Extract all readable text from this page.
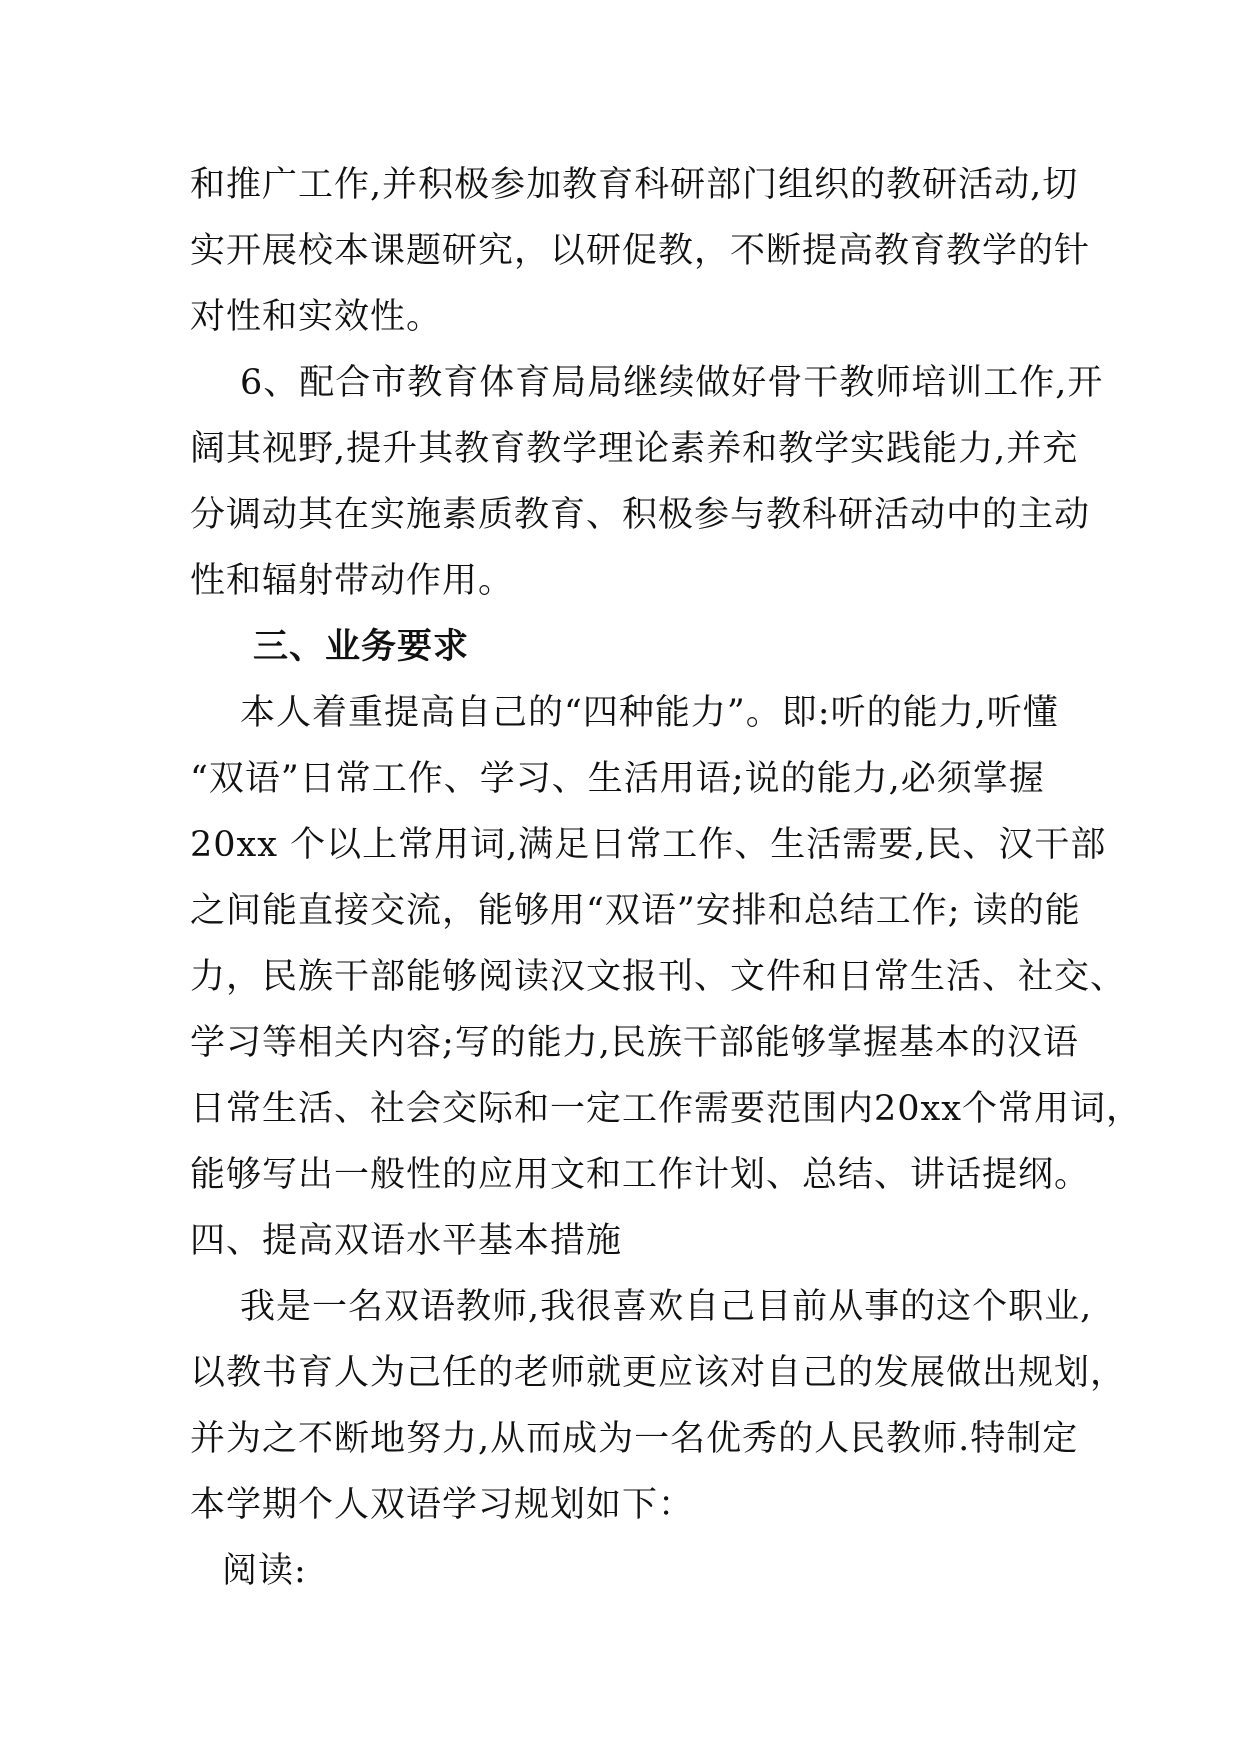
和推广工作,并积极参加教育科研部门组织的教研活动,切
实开展校本课题研究，以研促教，不断提高教育教学的针
对性和实效性。
6、配合市教育体育局局继续做好骨干教师培训工作,开
阔其视野,提升其教育教学理论素养和教学实践能力,并充
分调动其在实施素质教育、积极参与教科研活动中的主动
性和辐射带动作用。
三、业务要求
本人着重提高自己的“四种能力”。即:听的能力,听懂
“双语”日常工作、学习、生活用语;说的能力,必须掌握
20xx 个以上常用词,满足日常工作、生活需要,民、汉干部
之间能直接交流，能够用“双语”安排和总结工作; 读的能
力，民族干部能够阅读汉文报刊、文件和日常生活、社交、
学习等相关内容;写的能力,民族干部能够掌握基本的汉语
日常生活、社会交际和一定工作需要范围内20xx个常用词，
能够写出一般性的应用文和工作计划、总结、讲话提纲。
四、提高双语水平基本措施
我是一名双语教师,我很喜欢自己目前从事的这个职业,
以教书育人为己任的老师就更应该对自己的发展做出规划，
并为之不断地努力,从而成为一名优秀的人民教师.特制定
本学期个人双语学习规划如下：
阅读:
